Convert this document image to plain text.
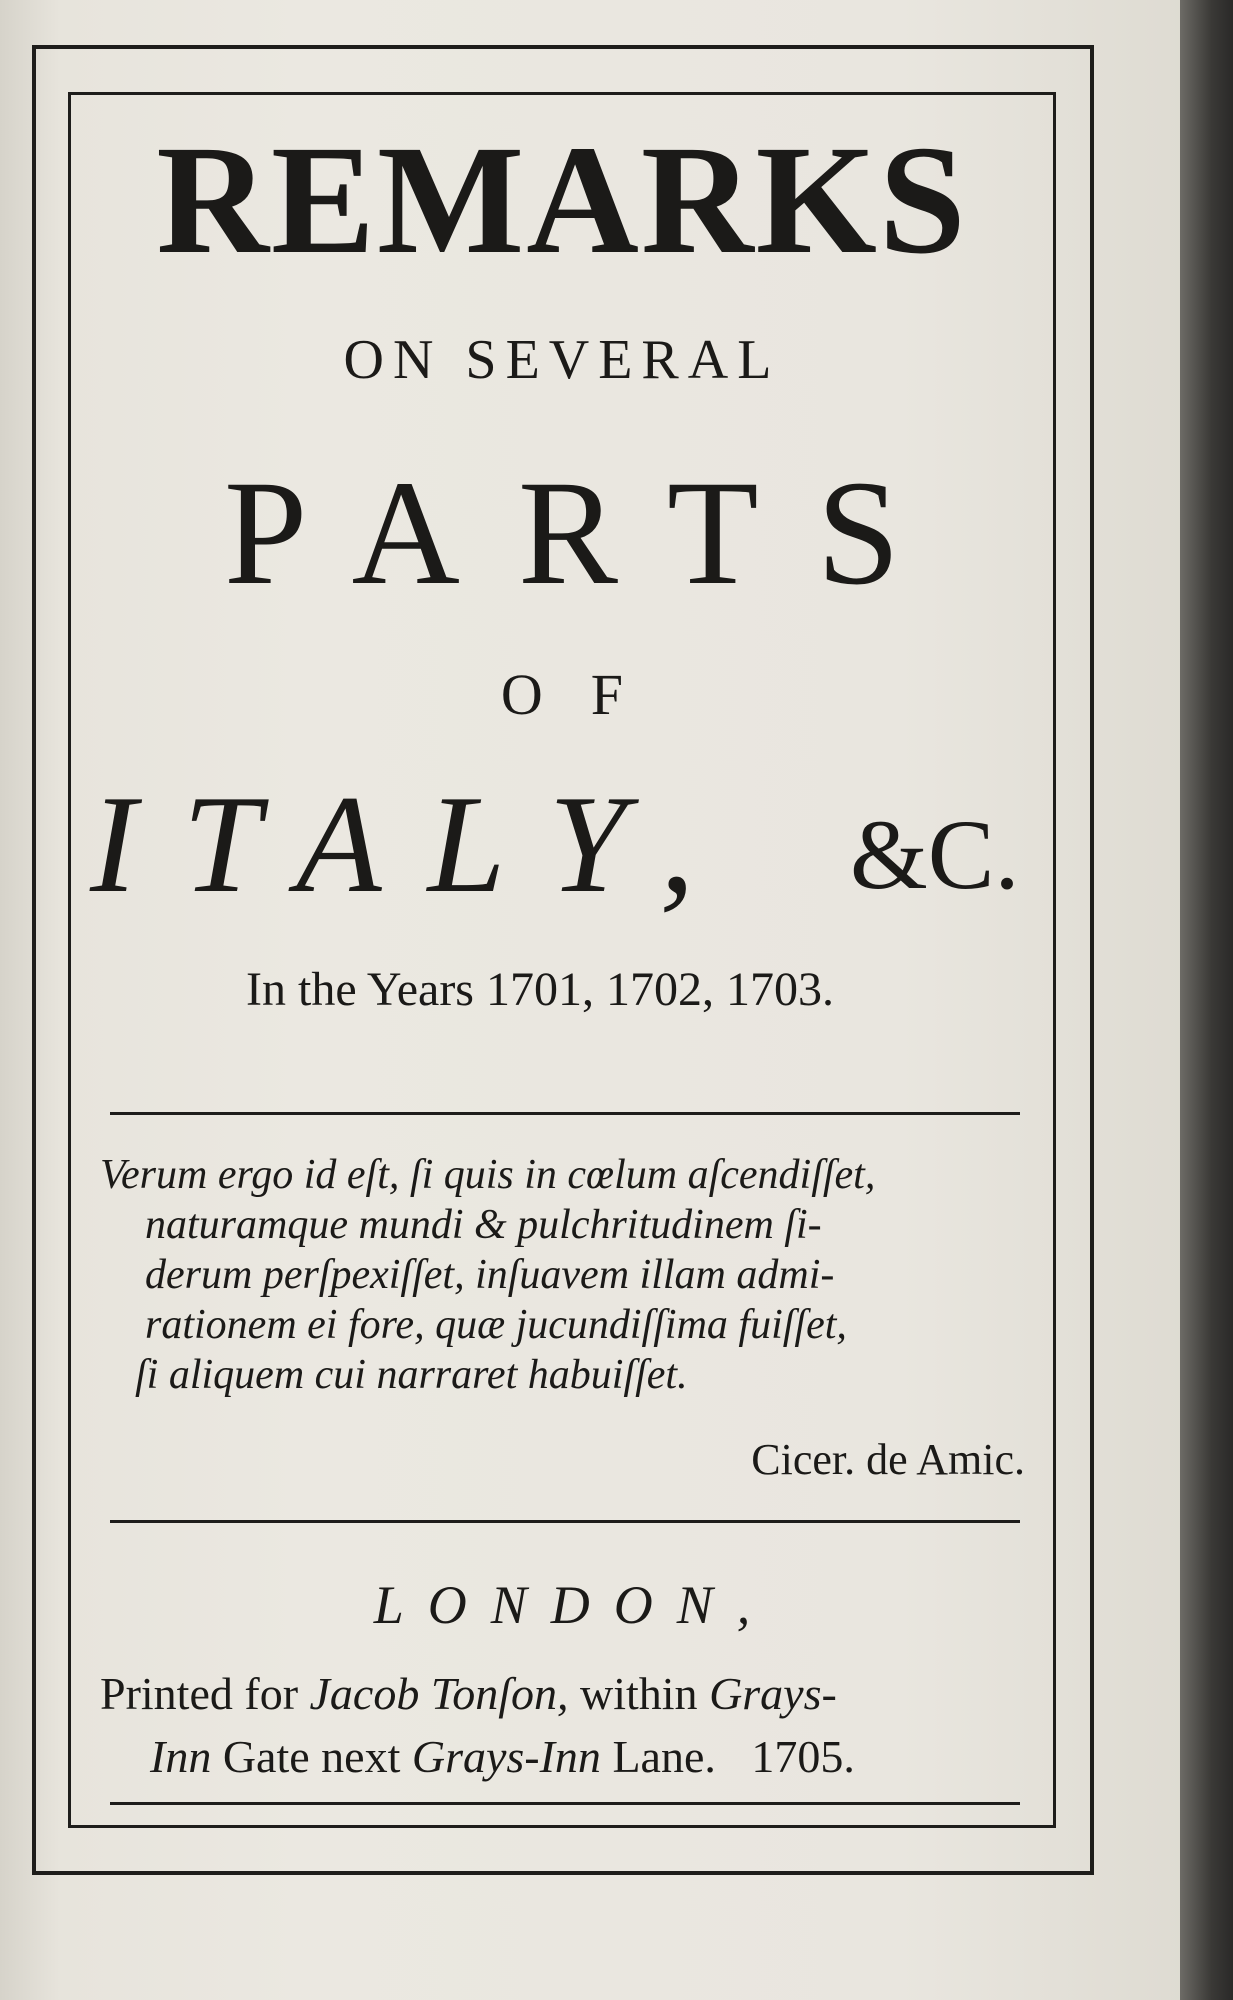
REMARKS
ON SEVERAL
PARTS
OF
ITALY,	&C.
In the Years 1701, 1702, 1703.
Verum ergo id eſt, ſi quis in cœlum aſcendiſſet,
naturamque mundi & pulchritudinem ſi-
derum perſpexiſſet, inſuavem illam admi-
rationem ei fore, quæ jucundiſſima fuiſſet,
ſi aliquem cui narraret habuiſſet.
Cicer. de Amic.
LONDON,
Printed for Jacob Tonſon, within Grays-
Inn Gate next Grays-Inn Lane. 1705.
